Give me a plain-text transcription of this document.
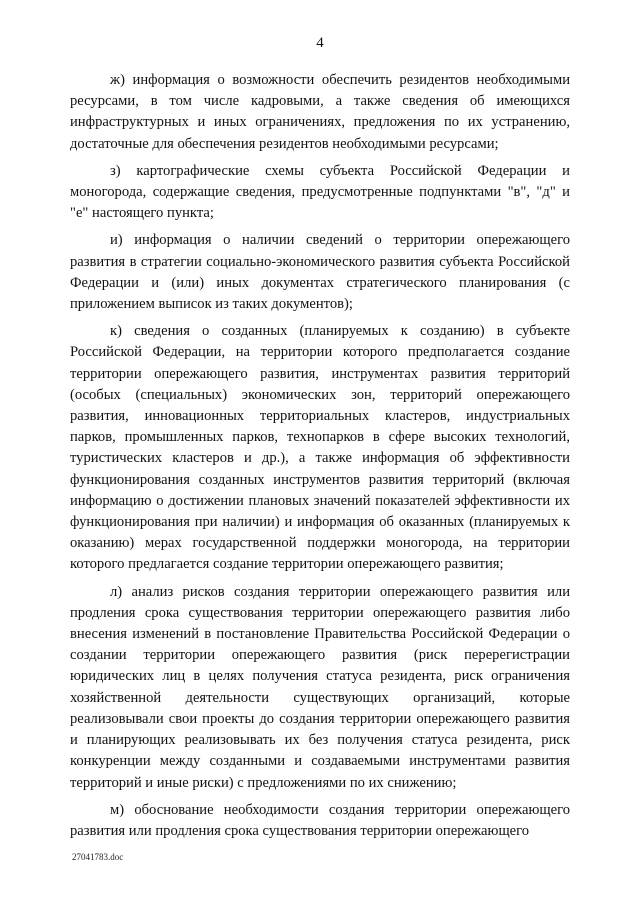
4

ж) информация о возможности обеспечить резидентов необходимыми ресурсами, в том числе кадровыми, а также сведения об имеющихся инфраструктурных и иных ограничениях, предложения по их устранению, достаточные для обеспечения резидентов необходимыми ресурсами;

з) картографические схемы субъекта Российской Федерации и моногорода, содержащие сведения, предусмотренные подпунктами "в", "д" и "е" настоящего пункта;

и) информация о наличии сведений о территории опережающего развития в стратегии социально-экономического развития субъекта Российской Федерации и (или) иных документах стратегического планирования (с приложением выписок из таких документов);

к) сведения о созданных (планируемых к созданию) в субъекте Российской Федерации, на территории которого предполагается создание территории опережающего развития, инструментах развития территорий (особых (специальных) экономических зон, территорий опережающего развития, инновационных территориальных кластеров, индустриальных парков, промышленных парков, технопарков в сфере высоких технологий, туристических кластеров и др.), а также информация об эффективности функционирования созданных инструментов развития территорий (включая информацию о достижении плановых значений показателей эффективности их функционирования при наличии) и информация об оказанных (планируемых к оказанию) мерах государственной поддержки моногорода, на территории которого предлагается создание территории опережающего развития;

л) анализ рисков создания территории опережающего развития или продления срока существования территории опережающего развития либо внесения изменений в постановление Правительства Российской Федерации о создании территории опережающего развития (риск перерегистрации юридических лиц в целях получения статуса резидента, риск ограничения хозяйственной деятельности существующих организаций, которые реализовывали свои проекты до создания территории опережающего развития и планирующих реализовывать их без получения статуса резидента, риск конкуренции между созданными и создаваемыми инструментами развития территорий и иные риски) с предложениями по их снижению;

м) обоснование необходимости создания территории опережающего развития или продления срока существования территории опережающего

27041783.doc
